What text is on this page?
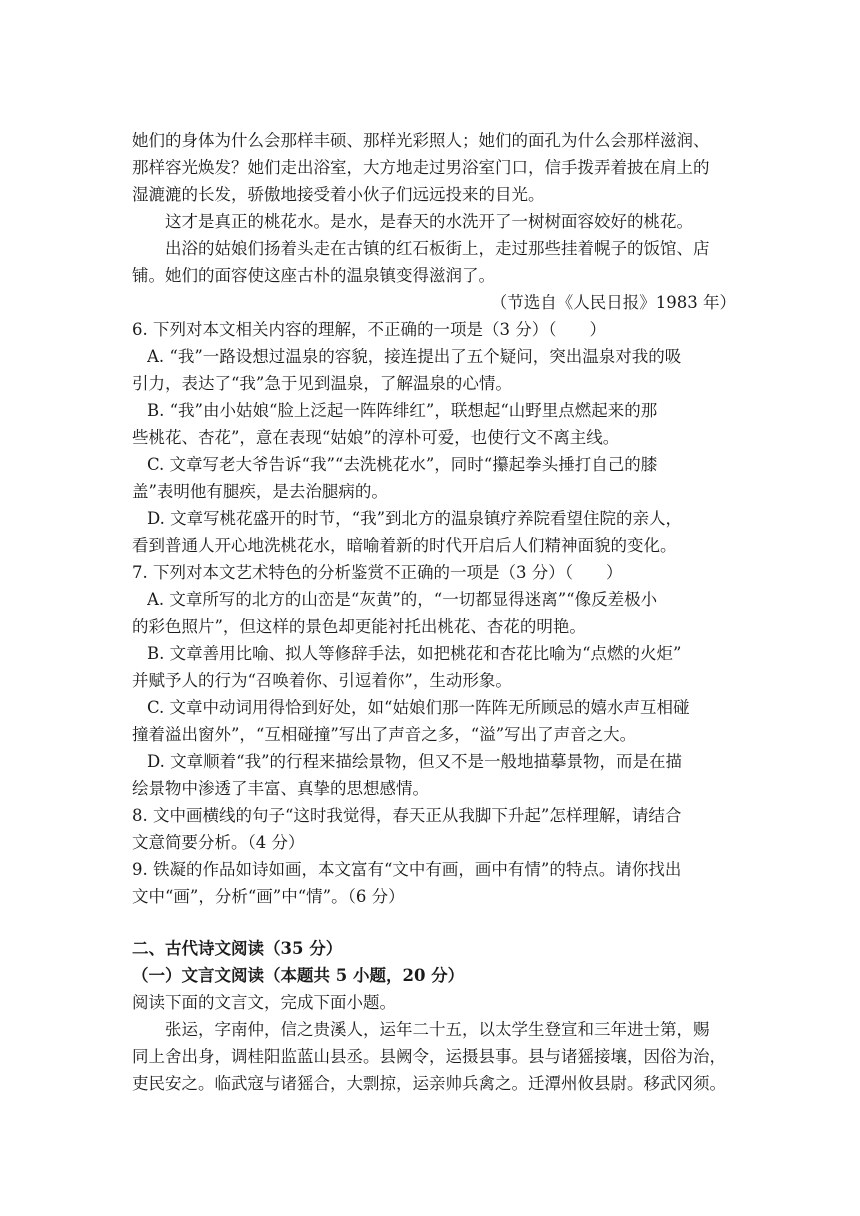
她们的身体为什么会那样丰硕、那样光彩照人；她们的面孔为什么会那样滋润、
那样容光焕发？她们走出浴室，大方地走过男浴室门口，信手拨弄着披在肩上的
湿漉漉的长发，骄傲地接受着小伙子们远远投来的目光。
这才是真正的桃花水。是水，是春天的水洗开了一树树面容姣好的桃花。
出浴的姑娘们扬着头走在古镇的红石板街上，走过那些挂着幌子的饭馆、店
铺。她们的面容使这座古朴的温泉镇变得滋润了。
（节选自《人民日报》1983 年）
6. 下列对本文相关内容的理解，不正确的一项是（3 分）（　　）
A. “我”一路设想过温泉的容貌，接连提出了五个疑问，突出温泉对我的吸
引力，表达了“我”急于见到温泉，了解温泉的心情。
B. “我”由小姑娘“脸上泛起一阵阵绯红”，联想起“山野里点燃起来的那
些桃花、杏花”，意在表现“姑娘”的淳朴可爱，也使行文不离主线。
C. 文章写老大爷告诉“我”“去洗桃花水”，同时“攥起拳头捶打自己的膝
盖”表明他有腿疾，是去治腿病的。
D. 文章写桃花盛开的时节，“我”到北方的温泉镇疗养院看望住院的亲人，
看到普通人开心地洗桃花水，暗喻着新的时代开启后人们精神面貌的变化。
7. 下列对本文艺术特色的分析鉴赏不正确的一项是（3 分）（　　）
A. 文章所写的北方的山峦是“灰黄”的，“一切都显得迷离”“像反差极小
的彩色照片”，但这样的景色却更能衬托出桃花、杏花的明艳。
B. 文章善用比喻、拟人等修辞手法，如把桃花和杏花比喻为“点燃的火炬”
并赋予人的行为“召唤着你、引逗着你”，生动形象。
C. 文章中动词用得恰到好处，如“姑娘们那一阵阵无所顾忌的嬉水声互相碰
撞着溢出窗外”，“互相碰撞”写出了声音之多，“溢”写出了声音之大。
D. 文章顺着“我”的行程来描绘景物，但又不是一般地描摹景物，而是在描
绘景物中渗透了丰富、真挚的思想感情。
8. 文中画横线的句子“这时我觉得，春天正从我脚下升起”怎样理解，请结合
文意简要分析。（4 分）
9. 铁凝的作品如诗如画，本文富有“文中有画，画中有情”的特点。请你找出
文中“画”，分析“画”中“情”。（6 分）
二、古代诗文阅读（35 分）
（一）文言文阅读（本题共 5 小题，20 分）
阅读下面的文言文，完成下面小题。
张运，字南仲，信之贵溪人，运年二十五，以太学生登宣和三年进士第，赐
同上舍出身，调桂阳监蓝山县丞。县阙令，运摄县事。县与诸猺接壤，因俗为治，
吏民安之。临武寇与诸猺合，大剽掠，运亲帅兵禽之。迁潭州攸县尉。移武冈须。
